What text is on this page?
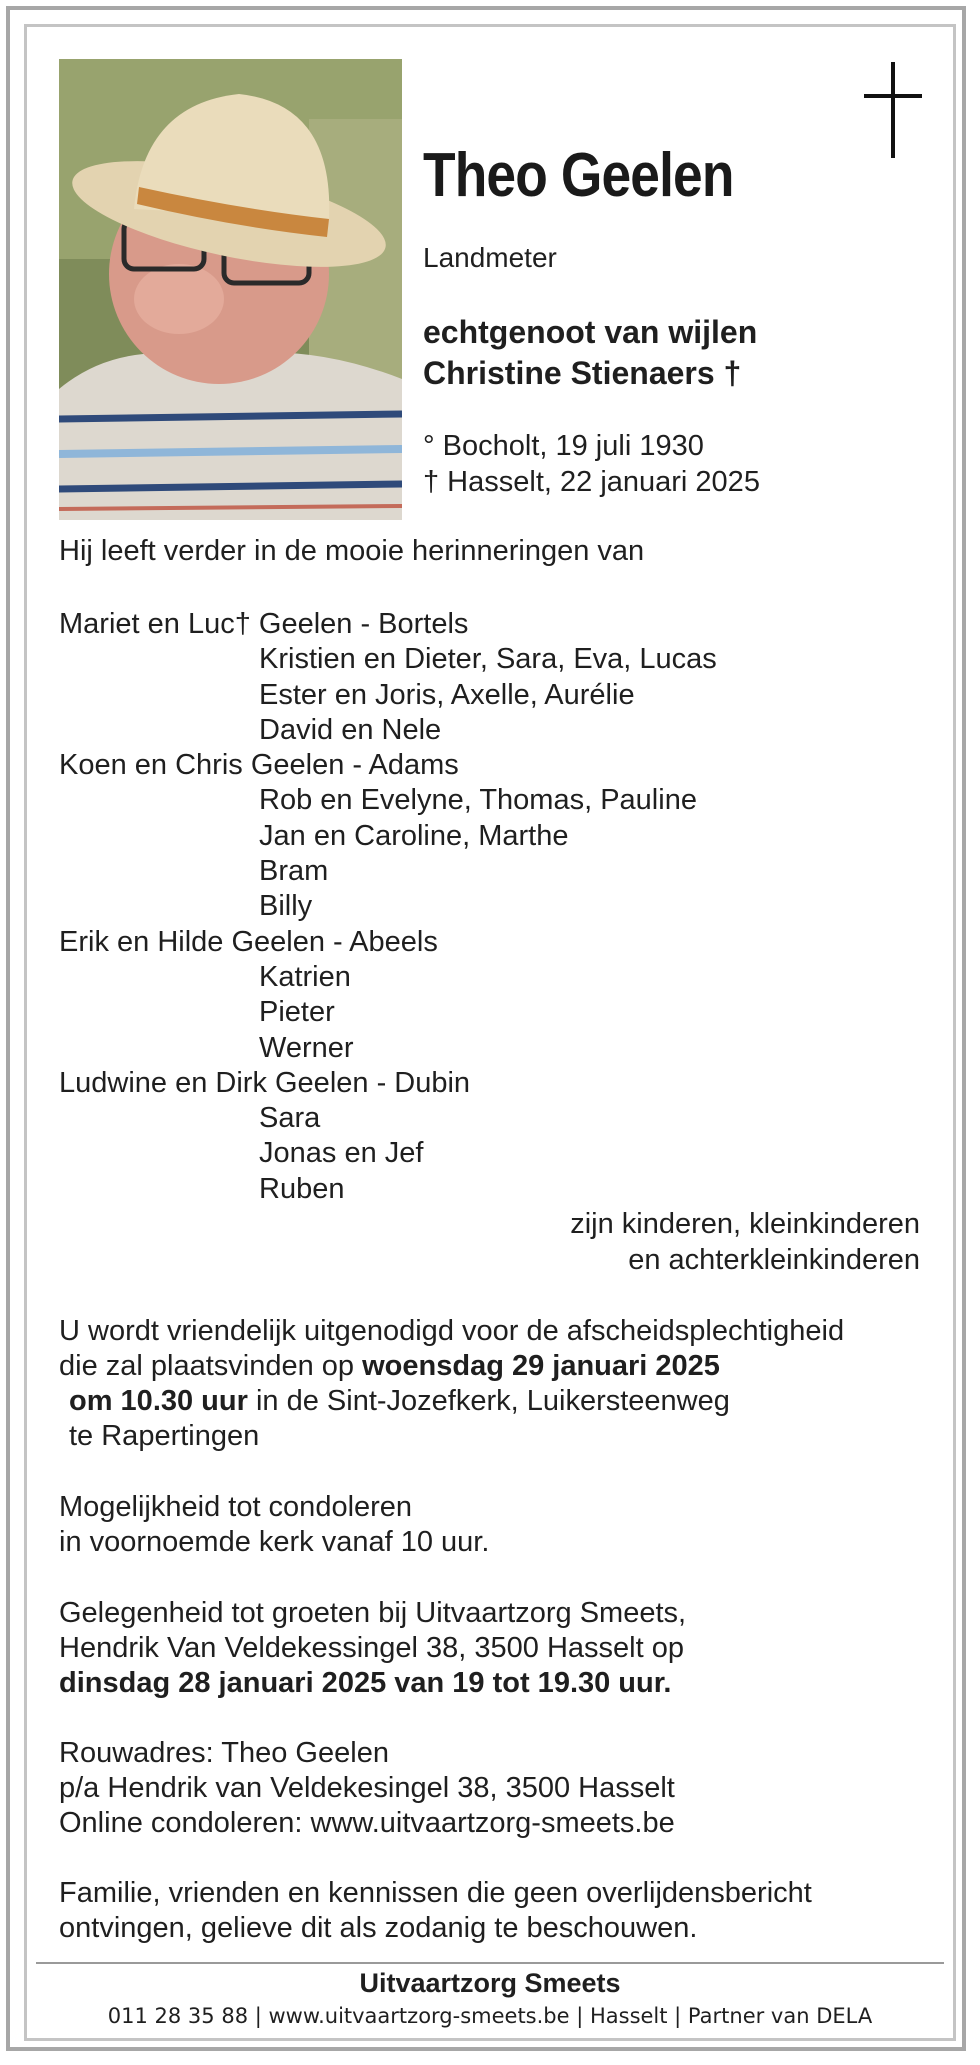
Theo Geelen
Landmeter
echtgenoot van wijlen
Christine Stienaers †
° Bocholt, 19 juli 1930
† Hasselt, 22 januari 2025
Hij leeft verder in de mooie herinneringen van
Mariet en Luc† Geelen - Bortels
Kristien en Dieter, Sara, Eva, Lucas
Ester en Joris, Axelle, Aurélie
David en Nele
Koen en Chris Geelen - Adams
Rob en Evelyne, Thomas, Pauline
Jan en Caroline, Marthe
Bram
Billy
Erik en Hilde Geelen - Abeels
Katrien
Pieter
Werner
Ludwine en Dirk Geelen - Dubin
Sara
Jonas en Jef
Ruben
zijn kinderen, kleinkinderen
en achterkleinkinderen
U wordt vriendelijk uitgenodigd voor de afscheidsplechtigheid
die zal plaatsvinden op woensdag 29 januari 2025
om 10.30 uur in de Sint-Jozefkerk, Luikersteenweg
te Rapertingen
Mogelijkheid tot condoleren
in voornoemde kerk vanaf 10 uur.
Gelegenheid tot groeten bij Uitvaartzorg Smeets,
Hendrik Van Veldekessingel 38, 3500 Hasselt op
dinsdag 28 januari 2025 van 19 tot 19.30 uur.
Rouwadres: Theo Geelen
p/a Hendrik van Veldekesingel 38, 3500 Hasselt
Online condoleren: www.uitvaartzorg-smeets.be
Familie, vrienden en kennissen die geen overlijdensbericht
ontvingen, gelieve dit als zodanig te beschouwen.
Uitvaartzorg Smeets
011 28 35 88 | www.uitvaartzorg-smeets.be | Hasselt | Partner van DELA
